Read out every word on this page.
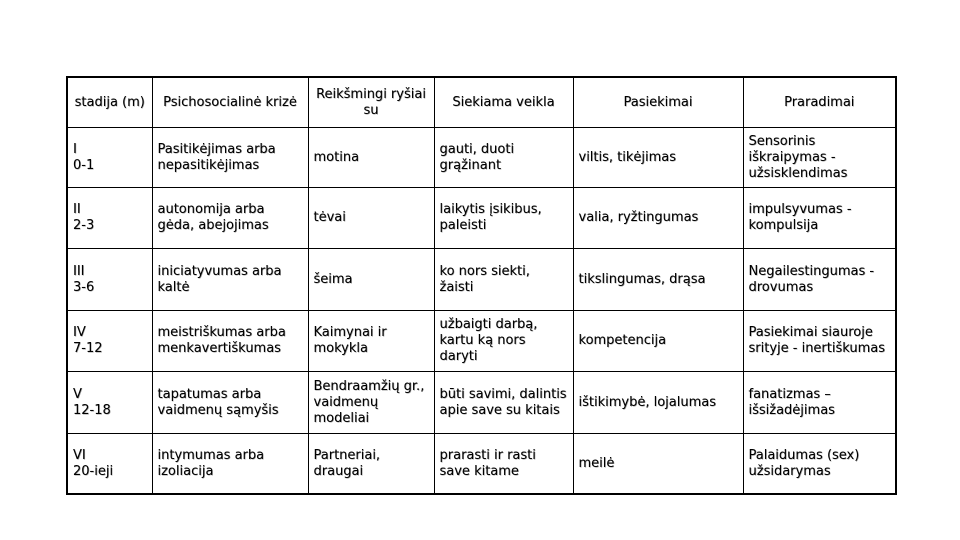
stadija (m)	Psichosocialinė krizė	Reikšmingi ryšiai su	Siekiama veikla	Pasiekimai	Praradimai

I
0-1	Pasitikėjimas arba nepasitikėjimas	motina	gauti, duoti grąžinant	viltis, tikėjimas	Sensorinis iškraipymas - užsisklendimas

II
2-3	autonomija arba gėda, abejojimas	tėvai	laikytis įsikibus, paleisti	valia, ryžtingumas	impulsyvumas - kompulsija

III
3-6	iniciatyvumas arba kaltė	šeima	ko nors siekti, žaisti	tikslingumas, drąsa	Negailestingumas - drovumas

IV
7-12	meistriškumas arba menkavertiškumas	Kaimynai ir mokykla	užbaigti darbą, kartu ką nors daryti	kompetencija	Pasiekimai siauroje srityje - inertiškumas

V
12-18	tapatumas arba vaidmenų sąmyšis	Bendraamžių gr., vaidmenų modeliai	būti savimi, dalintis apie save su kitais	ištikimybė, lojalumas	fanatizmas – išsižadėjimas

VI
20-ieji	intymumas arba izoliacija	Partneriai, draugai	prarasti ir rasti save kitame	meilė	Palaidumas (sex) užsidarymas
